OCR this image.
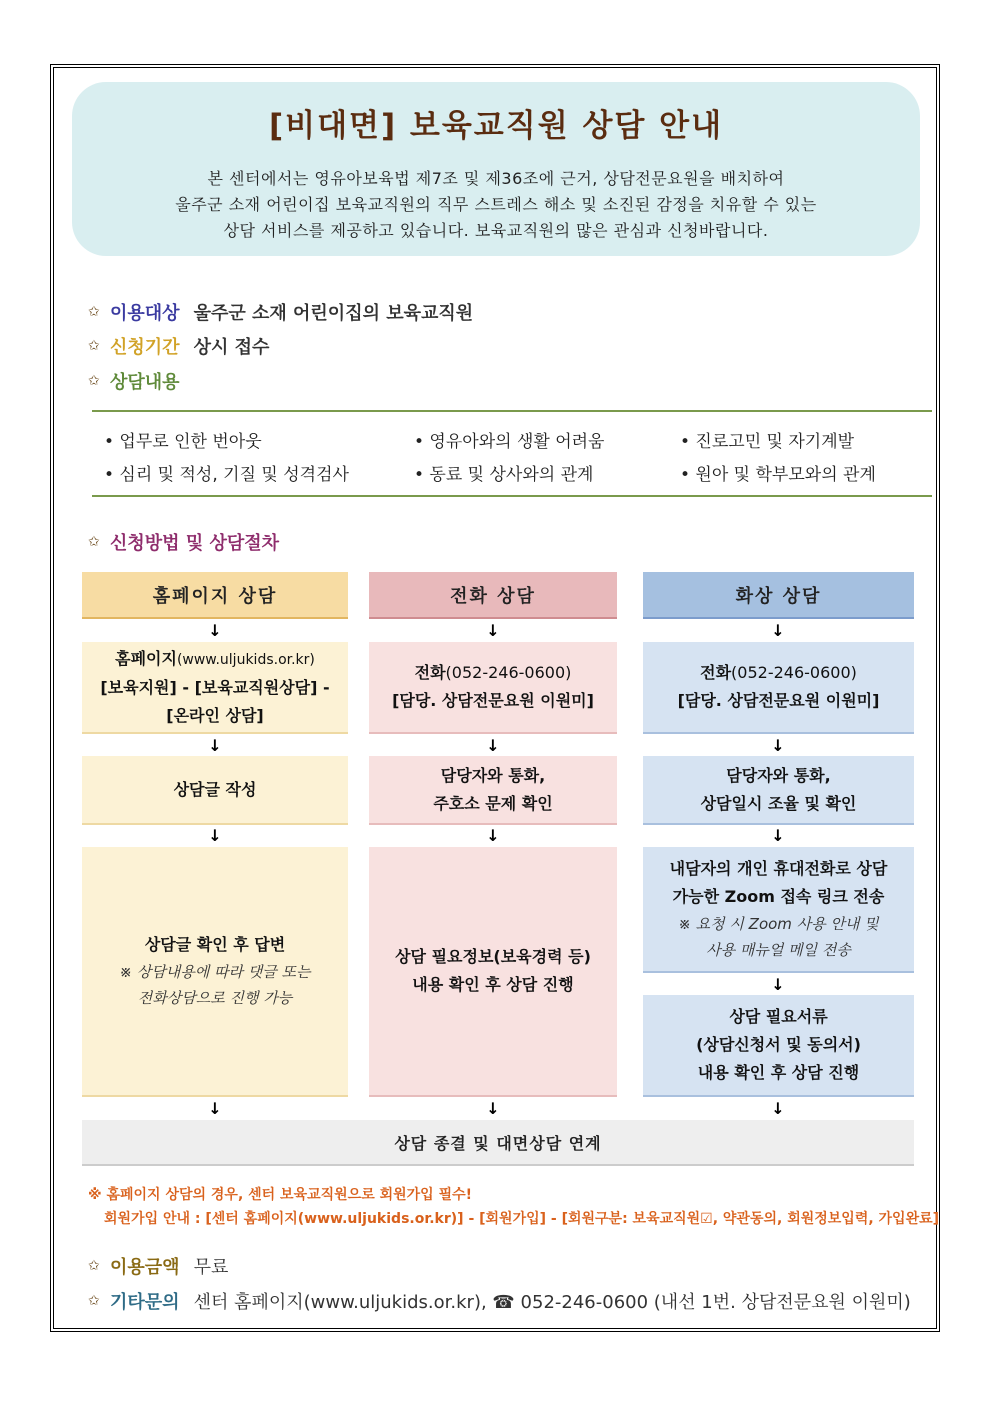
[비대면] 보육교직원 상담 안내
본 센터에서는 영유아보육법 제7조 및 제36조에 근거, 상담전문요원을 배치하여
울주군 소재 어린이집 보육교직원의 직무 스트레스 해소 및 소진된 감정을 치유할 수 있는
상담 서비스를 제공하고 있습니다. 보육교직원의 많은 관심과 신청바랍니다.
✩ 이용대상 울주군 소재 어린이집의 보육교직원
✩ 신청기간 상시 접수
✩ 상담내용
• 업무로 인한 번아웃	• 영유아와의 생활 어려움	• 진로고민 및 자기계발
• 심리 및 적성, 기질 및 성격검사	• 동료 및 상사와의 관계	• 원아 및 학부모와의 관계
✩ 신청방법 및 상담절차
홈페이지 상담	전화 상담	화상 상담
↓	↓	↓
홈페이지(www.uljukids.or.kr)
[보육지원] - [보육교직원상담] -
[온라인 상담]
전화(052-246-0600)
[담당. 상담전문요원 이원미]
전화(052-246-0600)
[담당. 상담전문요원 이원미]
↓	↓	↓
상담글 작성
담당자와 통화,
주호소 문제 확인
담당자와 통화,
상담일시 조율 및 확인
↓	↓	↓
상담글 확인 후 답변
※ 상담내용에 따라 댓글 또는
전화상담으로 진행 가능
상담 필요정보(보육경력 등)
내용 확인 후 상담 진행
내담자의 개인 휴대전화로 상담
가능한 Zoom 접속 링크 전송
※ 요청 시 Zoom 사용 안내 및
사용 매뉴얼 메일 전송
↓
상담 필요서류
(상담신청서 및 동의서)
내용 확인 후 상담 진행
↓	↓	↓
상담 종결 및 대면상담 연계
※ 홈페이지 상담의 경우, 센터 보육교직원으로 회원가입 필수!
회원가입 안내 : [센터 홈페이지(www.uljukids.or.kr)] - [회원가입] - [회원구분: 보육교직원☑, 약관동의, 회원정보입력, 가입완료]
✩ 이용금액 무료
✩ 기타문의 센터 홈페이지(www.uljukids.or.kr), ☎ 052-246-0600 (내선 1번. 상담전문요원 이원미)
